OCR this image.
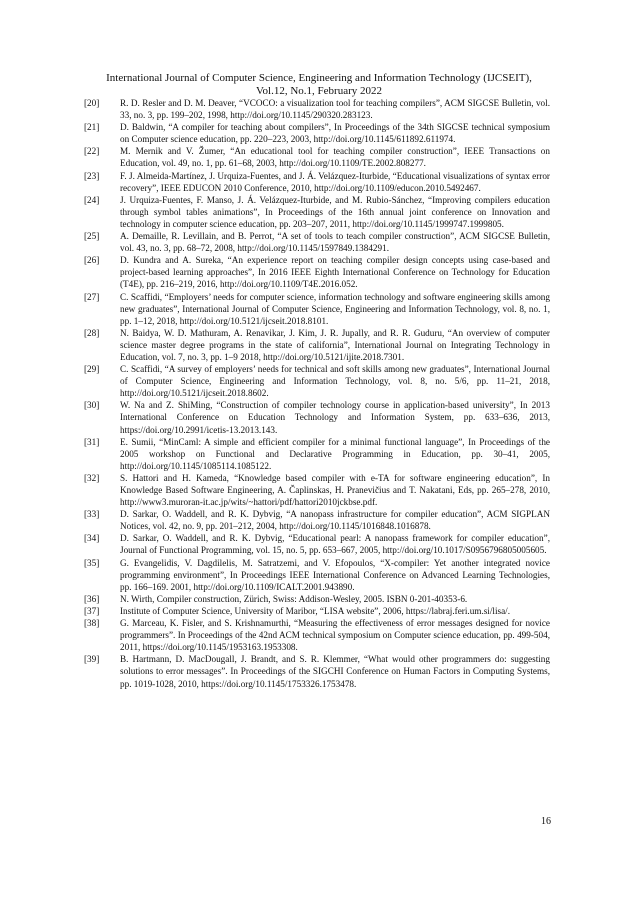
International Journal of Computer Science, Engineering and Information Technology (IJCSEIT),
Vol.12, No.1, February 2022
[20] R. D. Resler and D. M. Deaver, “VCOCO: a visualization tool for teaching compilers”, ACM SIGCSE Bulletin, vol. 33, no. 3, pp. 199–202, 1998, http://doi.org/10.1145/290320.283123.
[21] D. Baldwin, “A compiler for teaching about compilers”, In Proceedings of the 34th SIGCSE technical symposium on Computer science education, pp. 220–223, 2003, http://doi.org/10.1145/611892.611974.
[22] M. Mernik and V. Žumer, “An educational tool for teaching compiler construction”, IEEE Transactions on Education, vol. 49, no. 1, pp. 61–68, 2003, http://doi.org/10.1109/TE.2002.808277.
[23] F. J. Almeida-Martínez, J. Urquiza-Fuentes, and J. Á. Velázquez-Iturbide, “Educational visualizations of syntax error recovery”, IEEE EDUCON 2010 Conference, 2010, http://doi.org/10.1109/educon.2010.5492467.
[24] J. Urquiza-Fuentes, F. Manso, J. Á. Velázquez-Iturbide, and M. Rubio-Sánchez, “Improving compilers education through symbol tables animations”, In Proceedings of the 16th annual joint conference on Innovation and technology in computer science education, pp. 203–207, 2011, http://doi.org/10.1145/1999747.1999805.
[25] A. Demaille, R. Levillain, and B. Perrot, “A set of tools to teach compiler construction”, ACM SIGCSE Bulletin, vol. 43, no. 3, pp. 68–72, 2008, http://doi.org/10.1145/1597849.1384291.
[26] D. Kundra and A. Sureka, “An experience report on teaching compiler design concepts using case-based and project-based learning approaches”, In 2016 IEEE Eighth International Conference on Technology for Education (T4E), pp. 216–219, 2016, http://doi.org/10.1109/T4E.2016.052.
[27] C. Scaffidi, “Employers’ needs for computer science, information technology and software engineering skills among new graduates”, International Journal of Computer Science, Engineering and Information Technology, vol. 8, no. 1, pp. 1–12, 2018, http://doi.org/10.5121/ijcseit.2018.8101.
[28] N. Baidya, W. D. Mathuram, A. Renavikar, J. Kim, J. R. Jupally, and R. R. Guduru, “An overview of computer science master degree programs in the state of california”, International Journal on Integrating Technology in Education, vol. 7, no. 3, pp. 1–9 2018, http://doi.org/10.5121/ijite.2018.7301.
[29] C. Scaffidi, “A survey of employers’ needs for technical and soft skills among new graduates”, International Journal of Computer Science, Engineering and Information Technology, vol. 8, no. 5/6, pp. 11–21, 2018, http://doi.org/10.5121/ijcseit.2018.8602.
[30] W. Na and Z. ShiMing, “Construction of compiler technology course in application-based university”, In 2013 International Conference on Education Technology and Information System, pp. 633–636, 2013, https://doi.org/10.2991/icetis-13.2013.143.
[31] E. Sumii, “MinCaml: A simple and efficient compiler for a minimal functional language”, In Proceedings of the 2005 workshop on Functional and Declarative Programming in Education, pp. 30–41, 2005, http://doi.org/10.1145/1085114.1085122.
[32] S. Hattori and H. Kameda, “Knowledge based compiler with e-TA for software engineering education”, In Knowledge Based Software Engineering, A. Čaplinskas, H. Pranevičius and T. Nakatani, Eds, pp. 265–278, 2010, http://www3.muroran-it.ac.jp/wits/~hattori/pdf/hattori2010jckbse.pdf.
[33] D. Sarkar, O. Waddell, and R. K. Dybvig, “A nanopass infrastructure for compiler education”, ACM SIGPLAN Notices, vol. 42, no. 9, pp. 201–212, 2004, http://doi.org/10.1145/1016848.1016878.
[34] D. Sarkar, O. Waddell, and R. K. Dybvig, “Educational pearl: A nanopass framework for compiler education”, Journal of Functional Programming, vol. 15, no. 5, pp. 653–667, 2005, http://doi.org/10.1017/S0956796805005605.
[35] G. Evangelidis, V. Dagdilelis, M. Satratzemi, and V. Efopoulos, “X-compiler: Yet another integrated novice programming environment”, In Proceedings IEEE International Conference on Advanced Learning Technologies, pp. 166–169. 2001, http://doi.org/10.1109/ICALT.2001.943890.
[36] N. Wirth, Compiler construction, Zürich, Swiss: Addison-Wesley, 2005. ISBN 0-201-40353-6.
[37] Institute of Computer Science, University of Maribor, “LISA website”, 2006, https://labraj.feri.um.si/lisa/.
[38] G. Marceau, K. Fisler, and S. Krishnamurthi, “Measuring the effectiveness of error messages designed for novice programmers”. In Proceedings of the 42nd ACM technical symposium on Computer science education, pp. 499-504, 2011, https://doi.org/10.1145/1953163.1953308.
[39] B. Hartmann, D. MacDougall, J. Brandt, and S. R. Klemmer, “What would other programmers do: suggesting solutions to error messages”. In Proceedings of the SIGCHI Conference on Human Factors in Computing Systems, pp. 1019-1028, 2010, https://doi.org/10.1145/1753326.1753478.
16
